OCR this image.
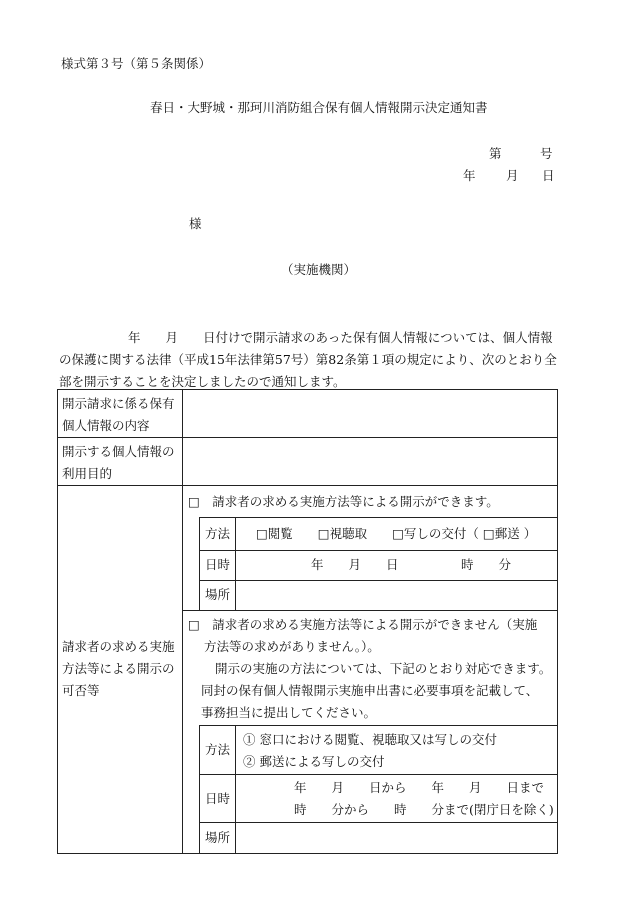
様式第３号（第５条関係）
春日・大野城・那珂川消防組合保有個人情報開示決定通知書
第	号
年 月 日
様
（実施機関）
年　　月　　日付けで開示請求のあった保有個人情報については、個人情報
の保護に関する法律（平成15年法律第57号）第82条第１項の規定により、次のとおり全
部を開示することを決定しましたので通知します。
開示請求に係る保有
個人情報の内容
開示する個人情報の
利用目的
請求者の求める実施
方法等による開示の
可否等
□　請求者の求める実施方法等による開示ができます。
方法 □閲覧　　□視聴取　　□写しの交付（ □郵送 ）
日時	年　　月　　日　　　　　時　　分
場所
□　請求者の求める実施方法等による開示ができません（実施
方法等の求めがありません。）。
開示の実施の方法については、下記のとおり対応できます。
同封の保有個人情報開示実施申出書に必要事項を記載して、
事務担当に提出してください。
方法
① 窓口における閲覧、視聴取又は写しの交付
② 郵送による写しの交付
日時
年　　月　　日から　　年　　月　　日まで
時　　分から　　時　　分まで(閉庁日を除く)
場所
